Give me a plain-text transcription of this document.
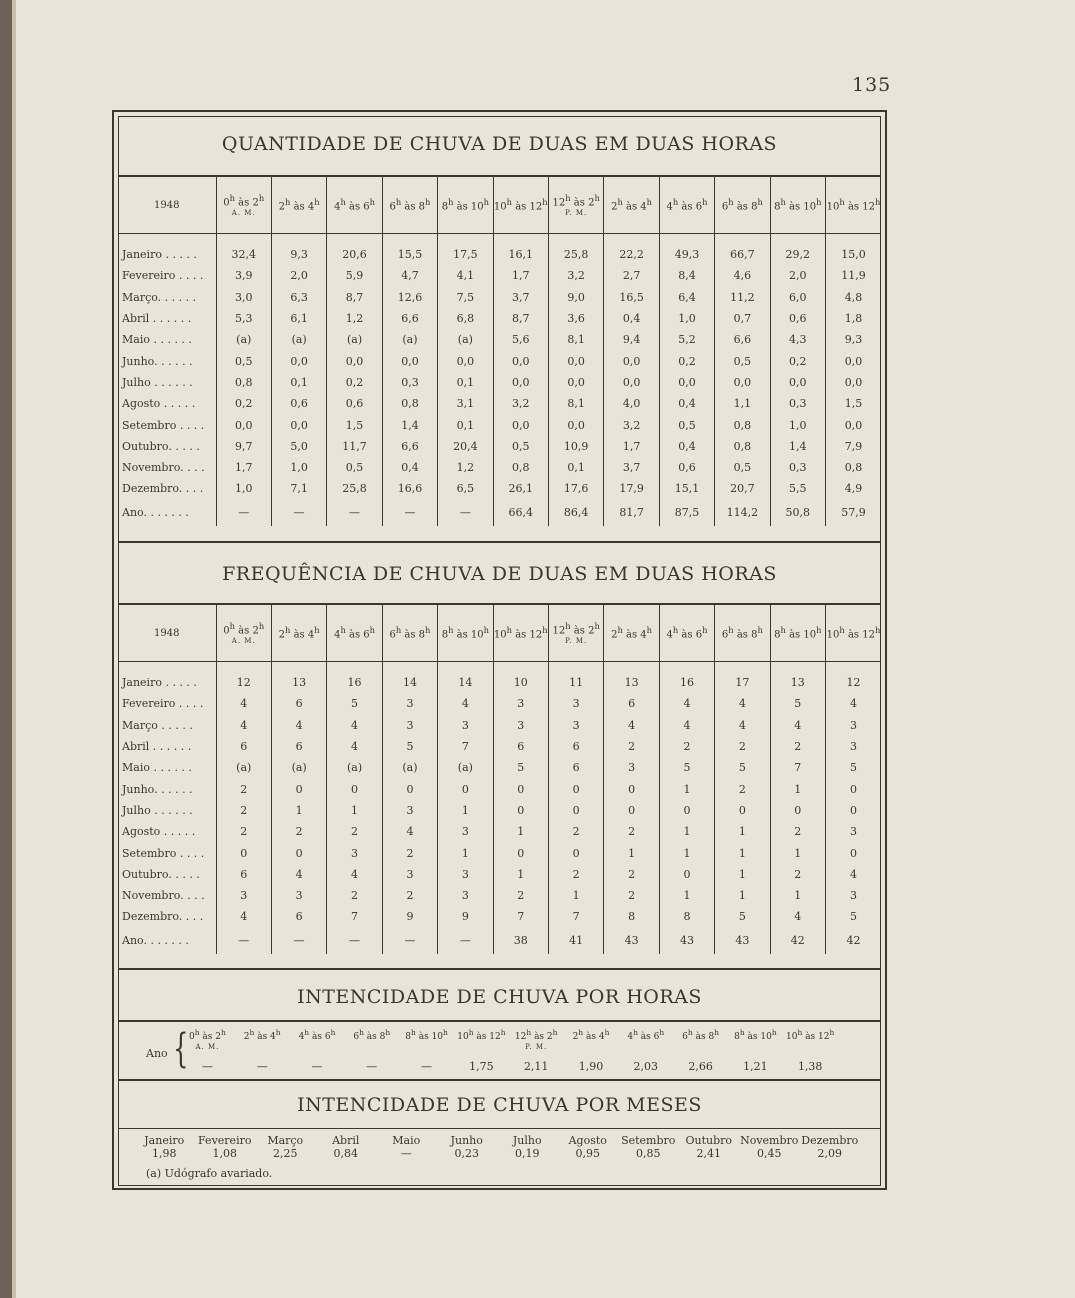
135
QUANTIDADE DE CHUVA DE DUAS EM DUAS HORAS
1948	0$^h$ às 2$^h$
A. M.	2$^h$ às 4$^h$	4$^h$ às 6$^h$	6$^h$ às 8$^h$	8$^h$ às 10$^h$	10$^h$ às 12$^h$	12$^h$ às 2$^h$
P. M.	2$^h$ às 4$^h$	4$^h$ às 6$^h$	6$^h$ às 8$^h$	8$^h$ às 10$^h$	10$^h$ às 12$^h$

Janeiro . . . . .	32,4	9,3	20,6	15,5	17,5	16,1	25,8	22,2	49,3	66,7	29,2	15,0
Fevereiro . . . .	3,9	2,0	5,9	4,7	4,1	1,7	3,2	2,7	8,4	4,6	2,0	11,9
Março. . . . . .	3,0	6,3	8,7	12,6	7,5	3,7	9,0	16,5	6,4	11,2	6,0	4,8
Abril . . . . . .	5,3	6,1	1,2	6,6	6,8	8,7	3,6	0,4	1,0	0,7	0,6	1,8
Maio . . . . . .	(a)	(a)	(a)	(a)	(a)	5,6	8,1	9,4	5,2	6,6	4,3	9,3
Junho. . . . . .	0,5	0,0	0,0	0,0	0,0	0,0	0,0	0,0	0,2	0,5	0,2	0,0
Julho . . . . . .	0,8	0,1	0,2	0,3	0,1	0,0	0,0	0,0	0,0	0,0	0,0	0,0
Agosto . . . . .	0,2	0,6	0,6	0,8	3,1	3,2	8,1	4,0	0,4	1,1	0,3	1,5
Setembro . . . .	0,0	0,0	1,5	1,4	0,1	0,0	0,0	3,2	0,5	0,8	1,0	0,0
Outubro. . . . .	9,7	5,0	11,7	6,6	20,4	0,5	10,9	1,7	0,4	0,8	1,4	7,9
Novembro. . . .	1,7	1,0	0,5	0,4	1,2	0,8	0,1	3,7	0,6	0,5	0,3	0,8
Dezembro. . . .	1,0	7,1	25,8	16,6	6,5	26,1	17,6	17,9	15,1	20,7	5,5	4,9
Ano. . . . . . .	—	—	—	—	—	66,4	86,4	81,7	87,5	114,2	50,8	57,9
FREQUÊNCIA DE CHUVA DE DUAS EM DUAS HORAS
1948	0$^h$ às 2$^h$
A. M.	2$^h$ às 4$^h$	4$^h$ às 6$^h$	6$^h$ às 8$^h$	8$^h$ às 10$^h$	10$^h$ às 12$^h$	12$^h$ às 2$^h$
P. M.	2$^h$ às 4$^h$	4$^h$ às 6$^h$	6$^h$ às 8$^h$	8$^h$ às 10$^h$	10$^h$ às 12$^h$

Janeiro . . . . .	12	13	16	14	14	10	11	13	16	17	13	12
Fevereiro . . . .	4	6	5	3	4	3	3	6	4	4	5	4
Março . . . . .	4	4	4	3	3	3	3	4	4	4	4	3
Abril . . . . . .	6	6	4	5	7	6	6	2	2	2	2	3
Maio . . . . . .	(a)	(a)	(a)	(a)	(a)	5	6	3	5	5	7	5
Junho. . . . . .	2	0	0	0	0	0	0	0	1	2	1	0
Julho . . . . . .	2	1	1	3	1	0	0	0	0	0	0	0
Agosto . . . . .	2	2	2	4	3	1	2	2	1	1	2	3
Setembro . . . .	0	0	3	2	1	0	0	1	1	1	1	0
Outubro. . . . .	6	4	4	3	3	1	2	2	0	1	2	4
Novembro. . . .	3	3	2	2	3	2	1	2	1	1	1	3
Dezembro. . . .	4	6	7	9	9	7	7	8	8	5	4	5
Ano. . . . . . .	—	—	—	—	—	38	41	43	43	43	42	42
INTENCIDADE DE CHUVA POR HORAS
Ano { 0$^h$ às 2$^h$
A. M.
2$^h$ às 4$^h$	4$^h$ às 6$^h$	6$^h$ às 8$^h$	8$^h$ às 10$^h$	10$^h$ às 12$^h$	12$^h$ às 2$^h$
P. M.
2$^h$ às 4$^h$	4$^h$ às 6$^h$	6$^h$ às 8$^h$	8$^h$ às 10$^h$	10$^h$ às 12$^h$
—	—	—	—	—	1,75	2,11	1,90	2,03	2,66	1,21	1,38
INTENCIDADE DE CHUVA POR MESES
Janeiro	Fevereiro	Março	Abril	Maio	Junho	Julho	Agosto	Setembro Outubro Novembro Dezembro
1,98	1,08	2,25	0,84	—	0,23	0,19	0,95	0,85	2,41	0,45	2,09
(a) Udógrafo avariado.
